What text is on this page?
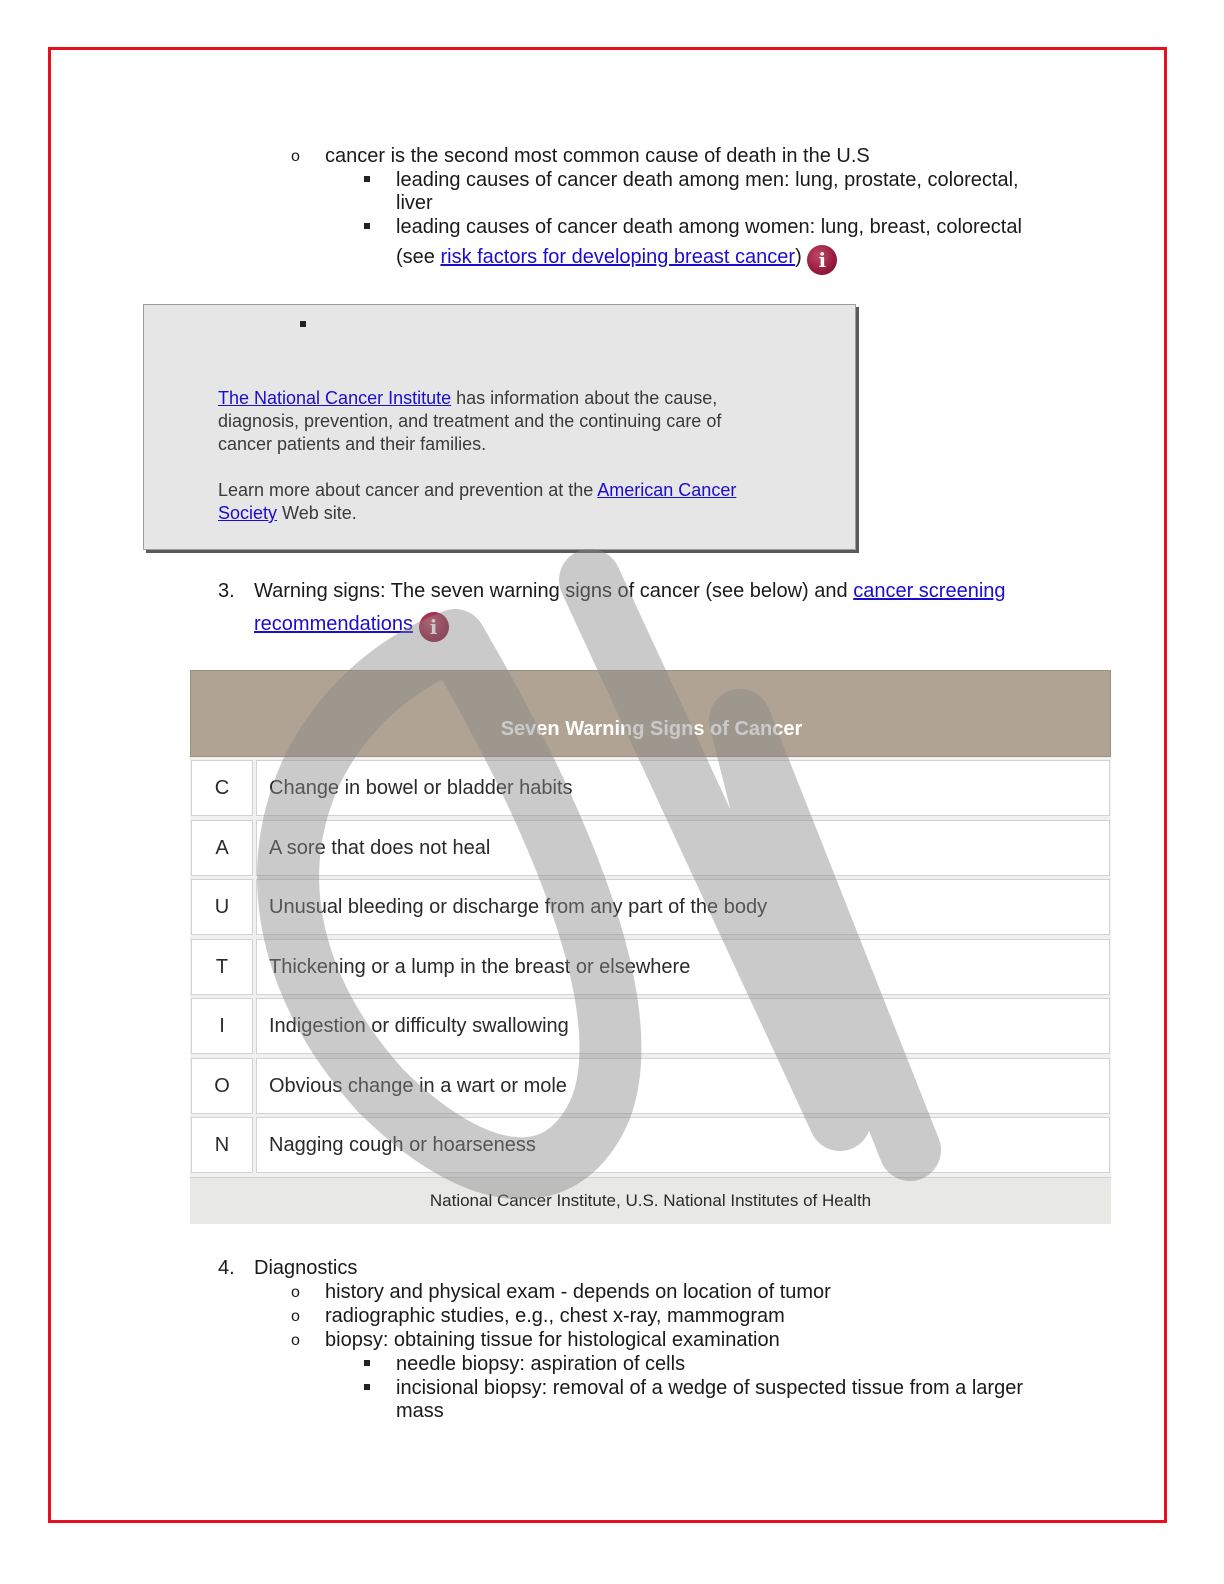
o cancer is the second most common cause of death in the U.S
leading causes of cancer death among men: lung, prostate, colorectal,
liver
leading causes of cancer death among women: lung, breast, colorectal
(see risk factors for developing breast cancer) i

The National Cancer Institute has information about the cause,
diagnosis, prevention, and treatment and the continuing care of
cancer patients and their families.

Learn more about cancer and prevention at the American Cancer
Society Web site.

3. Warning signs: The seven warning signs of cancer (see below) and cancer screening
recommendations i
Seven Warning Signs of Cancer
C	Change in bowel or bladder habits
A	A sore that does not heal
U	Unusual bleeding or discharge from any part of the body
T	Thickening or a lump in the breast or elsewhere
I	Indigestion or difficulty swallowing
O	Obvious change in a wart or mole
N	Nagging cough or hoarseness
National Cancer Institute, U.S. National Institutes of Health
4. Diagnostics
o history and physical exam - depends on location of tumor
o radiographic studies, e.g., chest x-ray, mammogram
o biopsy: obtaining tissue for histological examination
needle biopsy: aspiration of cells
incisional biopsy: removal of a wedge of suspected tissue from a larger
mass
